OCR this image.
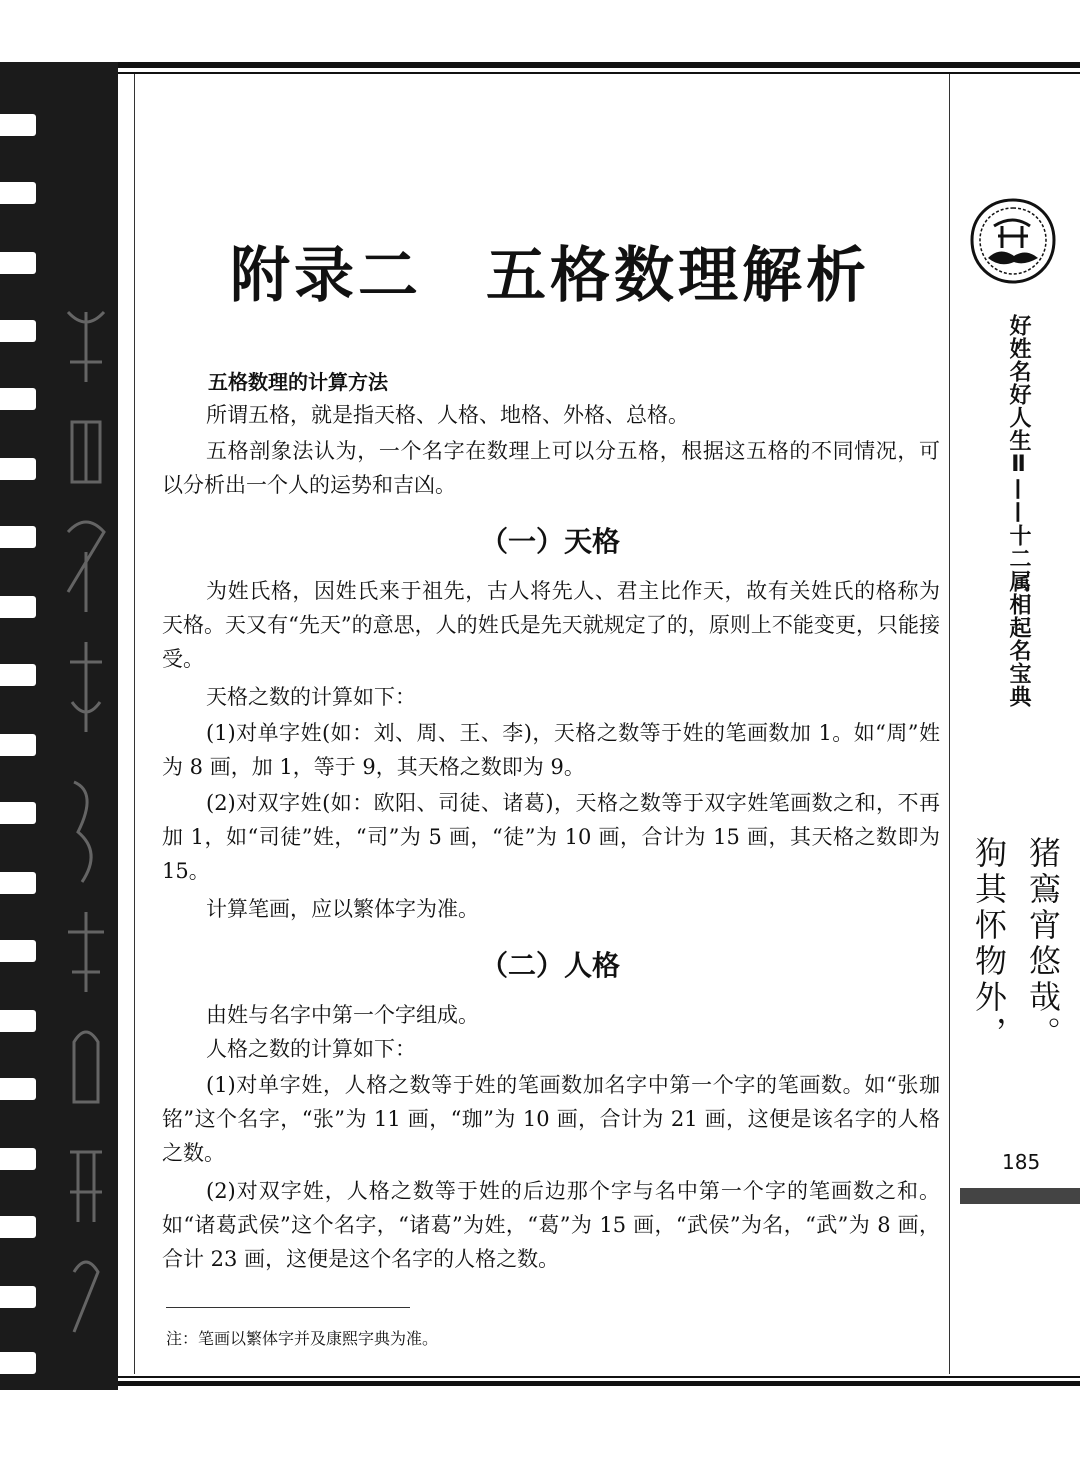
附录二　五格数理解析
五格数理的计算方法

所谓五格，就是指天格、人格、地格、外格、总格。

五格剖象法认为，一个名字在数理上可以分五格，根据这五格的不同情况，可以分析出一个人的运势和吉凶。

（一）天格

为姓氏格，因姓氏来于祖先，古人将先人、君主比作天，故有关姓氏的格称为天格。天又有“先天”的意思，人的姓氏是先天就规定了的，原则上不能变更，只能接受。

天格之数的计算如下：

(1)对单字姓(如：刘、周、王、李)，天格之数等于姓的笔画数加 1。如“周”姓为 8 画，加 1，等于 9，其天格之数即为 9。

(2)对双字姓(如：欧阳、司徒、诸葛)，天格之数等于双字姓笔画数之和，不再加 1，如“司徒”姓，“司”为 5 画，“徒”为 10 画，合计为 15 画，其天格之数即为 15。

计算笔画，应以繁体字为准。

（二）人格

由姓与名字中第一个字组成。

人格之数的计算如下：

(1)对单字姓，人格之数等于姓的笔画数加名字中第一个字的笔画数。如“张珈铭”这个名字，“张”为 11 画，“珈”为 10 画，合计为 21 画，这便是该名字的人格之数。

(2)对双字姓，人格之数等于姓的后边那个字与名中第一个字的笔画数之和。如“诸葛武侯”这个名字，“诸葛”为姓，“葛”为 15 画，“武侯”为名，“武”为 8 画，合计 23 画，这便是这个名字的人格之数。

注：笔画以繁体字并及康熙字典为准。
好姓名好人生Ⅱ——十二属相起名宝典
猪鵉宵悠哉。
狗其怀物外，
185
